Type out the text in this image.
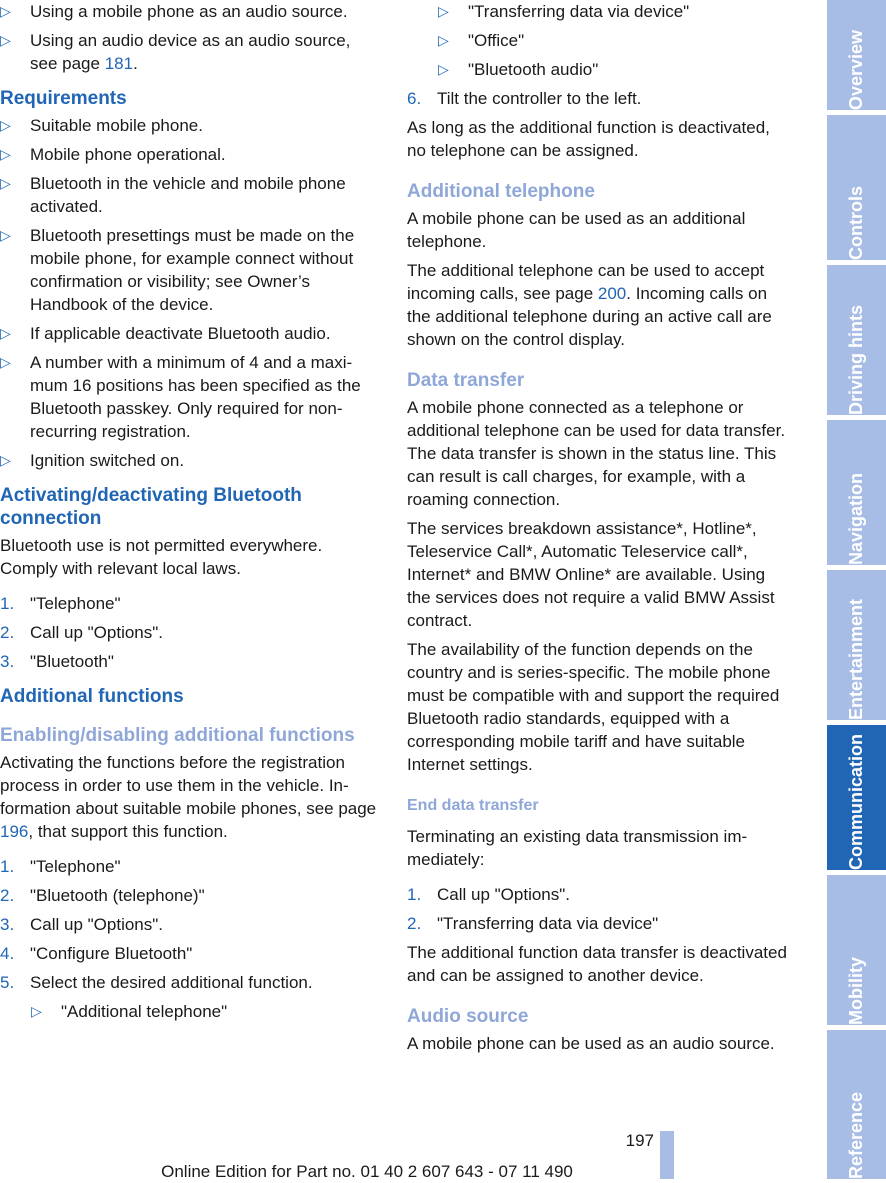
▷ Using a mobile phone as an audio source.
▷ Using an audio device as an audio source, see page 181.
Requirements
▷ Suitable mobile phone.
▷ Mobile phone operational.
▷ Bluetooth in the vehicle and mobile phone activated.
▷ Bluetooth presettings must be made on the mobile phone, for example connect without confirmation or visibility; see Owner’s Handbook of the device.
▷ If applicable deactivate Bluetooth audio.
▷ A number with a minimum of 4 and a maximum 16 positions has been specified as the Bluetooth passkey. Only required for nonrecurring registration.
▷ Ignition switched on.
Activating/deactivating Bluetooth connection

Bluetooth use is not permitted everywhere. Comply with relevant local laws.

1. "Telephone"
2. Call up "Options".
3. "Bluetooth"
Additional functions
Enabling/disabling additional functions

Activating the functions before the registration process in order to use them in the vehicle. Information about suitable mobile phones, see page 196, that support this function.

1. "Telephone"
2. "Bluetooth (telephone)"
3. Call up "Options".
4. "Configure Bluetooth"
5. Select the desired additional function.
▷ "Additional telephone"
▷ "Transferring data via device"
▷ "Office"
▷ "Bluetooth audio"
6. Tilt the controller to the left.

As long as the additional function is deactivated, no telephone can be assigned.

Additional telephone

A mobile phone can be used as an additional telephone.

The additional telephone can be used to accept incoming calls, see page 200. Incoming calls on the additional telephone during an active call are shown on the control display.

Data transfer

A mobile phone connected as a telephone or additional telephone can be used for data transfer. The data transfer is shown in the status line. This can result is call charges, for example, with a roaming connection.

The services breakdown assistance*, Hotline*, Teleservice Call*, Automatic Teleservice call*, Internet* and BMW Online* are available. Using the services does not require a valid BMW Assist contract.

The availability of the function depends on the country and is series-specific. The mobile phone must be compatible with and support the required Bluetooth radio standards, equipped with a corresponding mobile tariff and have suitable Internet settings.

End data transfer

Terminating an existing data transmission immediately:

1. Call up "Options".
2. "Transferring data via device"

The additional function data transfer is deactivated and can be assigned to another device.

Audio source

A mobile phone can be used as an audio source.

Overview
Controls
Driving hints
Navigation
Entertainment
Communication
Mobility
Reference
197
Online Edition for Part no. 01 40 2 607 643 - 07 11 490
